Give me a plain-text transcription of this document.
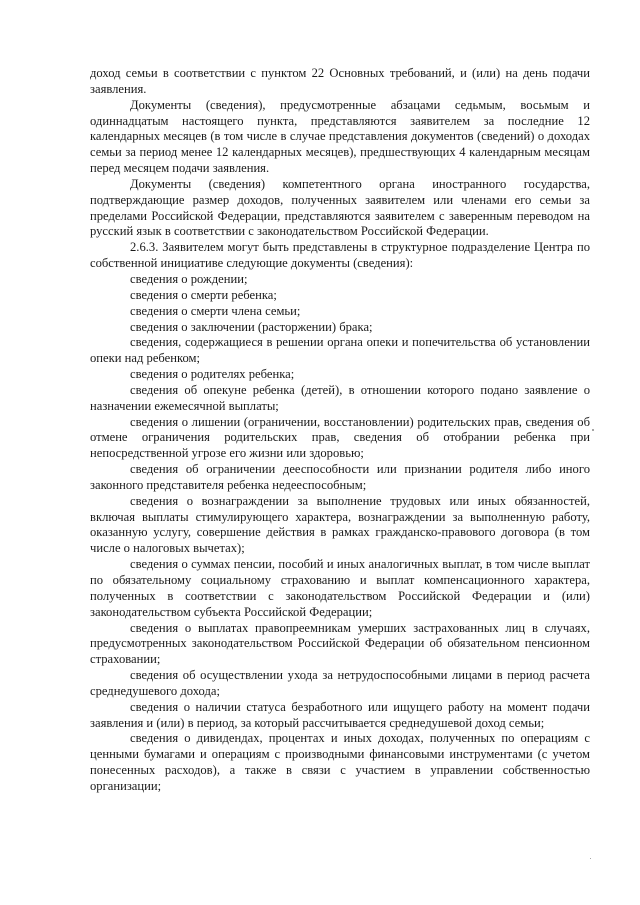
доход семьи в соответствии с пунктом 22 Основных требований, и (или) на день подачи заявления.

Документы (сведения), предусмотренные абзацами седьмым, восьмым и одиннадцатым настоящего пункта, представляются заявителем за последние 12 календарных месяцев (в том числе в случае представления документов (сведений) о доходах семьи за период менее 12 календарных месяцев), предшествующих 4 календарным месяцам перед месяцем подачи заявления.

Документы (сведения) компетентного органа иностранного государства, подтверждающие размер доходов, полученных заявителем или членами его семьи за пределами Российской Федерации, представляются заявителем с заверенным переводом на русский язык в соответствии с законодательством Российской Федерации.

2.6.3. Заявителем могут быть представлены в структурное подразделение Центра по собственной инициативе следующие документы (сведения):

сведения о рождении;

сведения о смерти ребенка;

сведения о смерти члена семьи;

сведения о заключении (расторжении) брака;

сведения, содержащиеся в решении органа опеки и попечительства об установлении опеки над ребенком;

сведения о родителях ребенка;

сведения об опекуне ребенка (детей), в отношении которого подано заявление о назначении ежемесячной выплаты;

сведения о лишении (ограничении, восстановлении) родительских прав, сведения об отмене ограничения родительских прав, сведения об отобрании ребенка при непосредственной угрозе его жизни или здоровью;

сведения об ограничении дееспособности или признании родителя либо иного законного представителя ребенка недееспособным;

сведения о вознаграждении за выполнение трудовых или иных обязанностей, включая выплаты стимулирующего характера, вознаграждении за выполненную работу, оказанную услугу, совершение действия в рамках гражданско-правового договора (в том числе о налоговых вычетах);

сведения о суммах пенсии, пособий и иных аналогичных выплат, в том числе выплат по обязательному социальному страхованию и выплат компенсационного характера, полученных в соответствии с законодательством Российской Федерации и (или) законодательством субъекта Российской Федерации;

сведения о выплатах правопреемникам умерших застрахованных лиц в случаях, предусмотренных законодательством Российской Федерации об обязательном пенсионном страховании;

сведения об осуществлении ухода за нетрудоспособными лицами в период расчета среднедушевого дохода;

сведения о наличии статуса безработного или ищущего работу на момент подачи заявления и (или) в период, за который рассчитывается среднедушевой доход семьи;

сведения о дивидендах, процентах и иных доходах, полученных по операциям с ценными бумагами и операциям с производными финансовыми инструментами (с учетом понесенных расходов), а также в связи с участием в управлении собственностью организации;
